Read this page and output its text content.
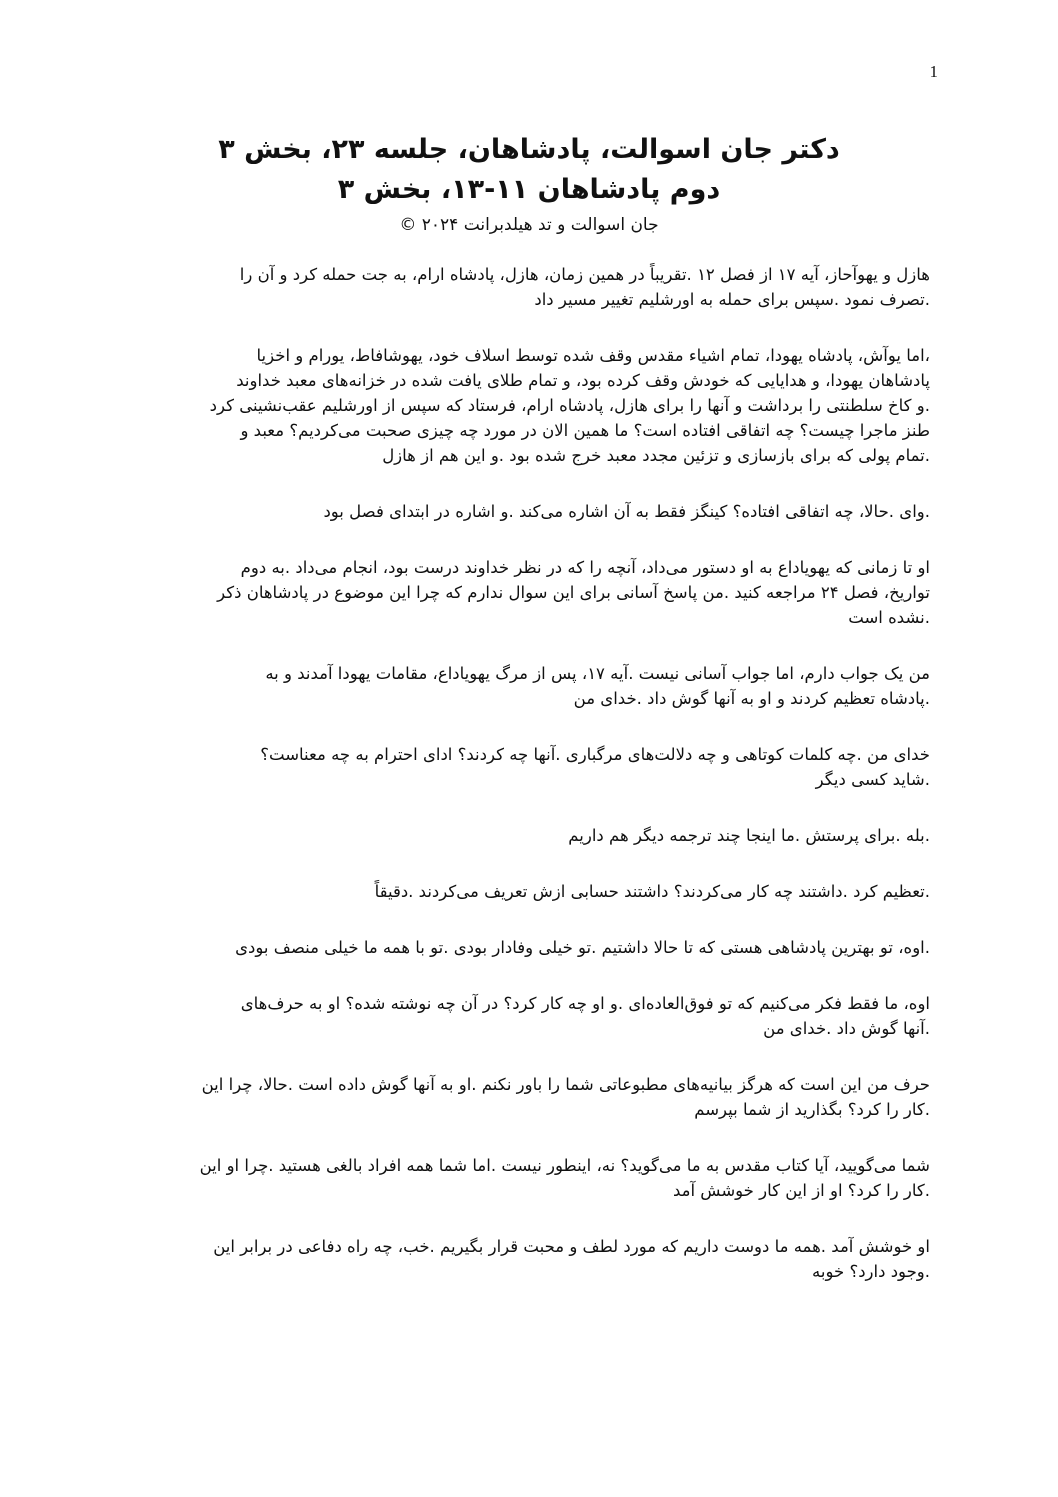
1
دکتر جان اسوالت، پادشاهان، جلسه ۲۳، بخش ۳
دوم پادشاهان ۱۱-۱۳، بخش ۳
جان اسوالت و تد هیلدبرانت ۲۰۲۴ ©

هازل و یهوآحاز، آیه ۱۷ از فصل ۱۲ .تقریباً در همین زمان، هازل، پادشاه ارام، به جت حمله کرد و آن را
.تصرف نمود .سپس برای حمله به اورشلیم تغییر مسیر داد

،اما یوآش، پادشاه یهودا، تمام اشیاء مقدس وقف شده توسط اسلاف خود، یهوشافاط، یورام و اخزیا
پادشاهان یهودا، و هدایایی که خودش وقف کرده بود، و تمام طلای یافت شده در خزانه‌های معبد خداوند
.و کاخ سلطنتی را برداشت و آنها را برای هازل، پادشاه ارام، فرستاد که سپس از اورشلیم عقب‌نشینی کرد
طنز ماجرا چیست؟ چه اتفاقی افتاده است؟ ما همین الان در مورد چه چیزی صحبت می‌کردیم؟ معبد و
.تمام پولی که برای بازسازی و تزئین مجدد معبد خرج شده بود .و این هم از هازل

.وای .حالا، چه اتفاقی افتاده؟ کینگز فقط به آن اشاره می‌کند .و اشاره در ابتدای فصل بود

او تا زمانی که یهویاداع به او دستور می‌داد، آنچه را که در نظر خداوند درست بود، انجام می‌داد .به دوم
تواریخ، فصل ۲۴ مراجعه کنید .من پاسخ آسانی برای این سوال ندارم که چرا این موضوع در پادشاهان ذکر
.نشده است

من یک جواب دارم، اما جواب آسانی نیست .آیه ۱۷، پس از مرگ یهویاداع، مقامات یهودا آمدند و به
.پادشاه تعظیم کردند و او به آنها گوش داد .خدای من

خدای من .چه کلمات کوتاهی و چه دلالت‌های مرگباری .آنها چه کردند؟ ادای احترام به چه معناست؟
.شاید کسی دیگر

.بله .برای پرستش .ما اینجا چند ترجمه دیگر هم داریم

.تعظیم کرد .داشتند چه کار می‌کردند؟ داشتند حسابی ازش تعریف می‌کردند .دقیقاً

.اوه، تو بهترین پادشاهی هستی که تا حالا داشتیم .تو خیلی وفادار بودی .تو با همه ما خیلی منصف بودی

اوه، ما فقط فکر می‌کنیم که تو فوق‌العاده‌ای .و او چه کار کرد؟ در آن چه نوشته شده؟ او به حرف‌های
.آنها گوش داد .خدای من

حرف من این است که هرگز بیانیه‌های مطبوعاتی شما را باور نکنم .او به آنها گوش داده است .حالا، چرا این
.کار را کرد؟ بگذارید از شما بپرسم

شما می‌گویید، آیا کتاب مقدس به ما می‌گوید؟ نه، اینطور نیست .اما شما همه افراد بالغی هستید .چرا او این
.کار را کرد؟ او از این کار خوشش آمد

او خوشش آمد .همه ما دوست داریم که مورد لطف و محبت قرار بگیریم .خب، چه راه دفاعی در برابر این
.وجود دارد؟ خوبه
